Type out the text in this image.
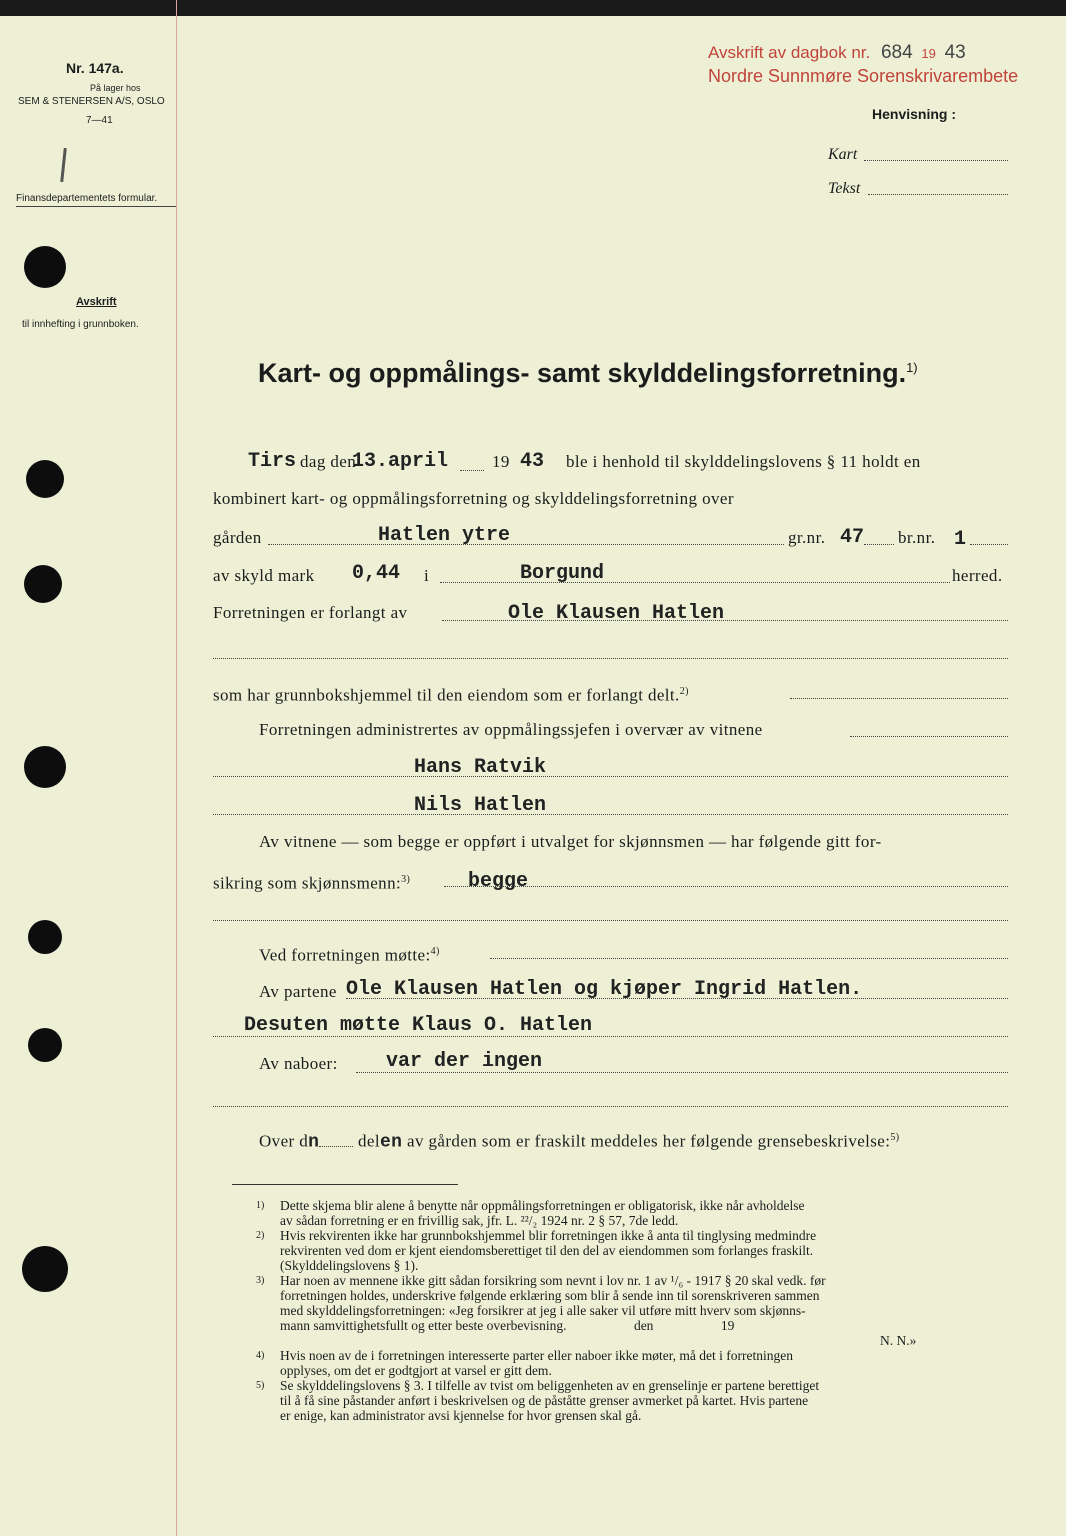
Nr. 147a.
På lager hos
SEM & STENERSEN A/S, OSLO
7—41
Finansdepartementets formular.
Avskrift
til innhefting i grunnboken.
Avskrift av dagbok nr. 684 19 43
Nordre Sunnmøre Sorenskrivarembete
Henvisning :
Kart
Tekst
Kart- og oppmålings- samt skylddelingsforretning.$^{1)}$
Tirs dag den
13.april	19 43 ble i henhold til skylddelingslovens § 11 holdt en
kombinert kart- og oppmålingsforretning og skylddelingsforretning over
gården	Hatlen ytre	gr.nr. 47 br.nr. 1
av skyld mark 0,44 i	Borgund	herred.
Forretningen er forlangt av	Ole Klausen Hatlen
som har grunnbokshjemmel til den eiendom som er forlangt delt.$^{2)}$
Forretningen administrertes av oppmålingssjefen i overvær av vitnene
Hans Ratvik
Nils Hatlen
Av vitnene — som begge er oppført i utvalget for skjønnsmen — har følgende gitt for-
sikring som skjønnsmenn:$^{3)}$	begge
Ved forretningen møtte:$^{4)}$
Av partene Ole Klausen Hatlen og kjøper Ingrid Hatlen.
Desuten møtte Klaus O. Hatlen
Av naboer: var der ingen
Over dn delen av gården som er fraskilt meddeles her følgende grensebeskrivelse:$^{5)}$
1) Dette skjema blir alene å benytte når oppmålingsforretningen er obligatorisk, ikke når avholdelse
av sådan forretning er en frivillig sak, jfr. L. ²²/₂ 1924 nr. 2 § 57, 7de ledd.
2) Hvis rekvirenten ikke har grunnbokshjemmel blir forretningen ikke å anta til tinglysing medmindre
rekvirenten ved dom er kjent eiendomsberettiget til den del av eiendommen som forlanges fraskilt.
(Skylddelingslovens § 1).
3) Har noen av mennene ikke gitt sådan forsikring som nevnt i lov nr. 1 av ¹/₆ - 1917 § 20 skal vedk. før
forretningen holdes, underskrive følgende erklæring som blir å sende inn til sorenskriveren sammen
med skylddelingsforretningen: «Jeg forsikrer at jeg i alle saker vil utføre mitt hverv som skjønns-
mann samvittighetsfullt og etter beste overbevisning.                    den                    19
N. N.»
4) Hvis noen av de i forretningen interesserte parter eller naboer ikke møter, må det i forretningen
opplyses, om det er godtgjort at varsel er gitt dem.
5) Se skylddelingslovens § 3. I tilfelle av tvist om beliggenheten av en grenselinje er partene berettiget
til å få sine påstander anført i beskrivelsen og de påståtte grenser avmerket på kartet. Hvis partene
er enige, kan administrator avsi kjennelse for hvor grensen skal gå.
